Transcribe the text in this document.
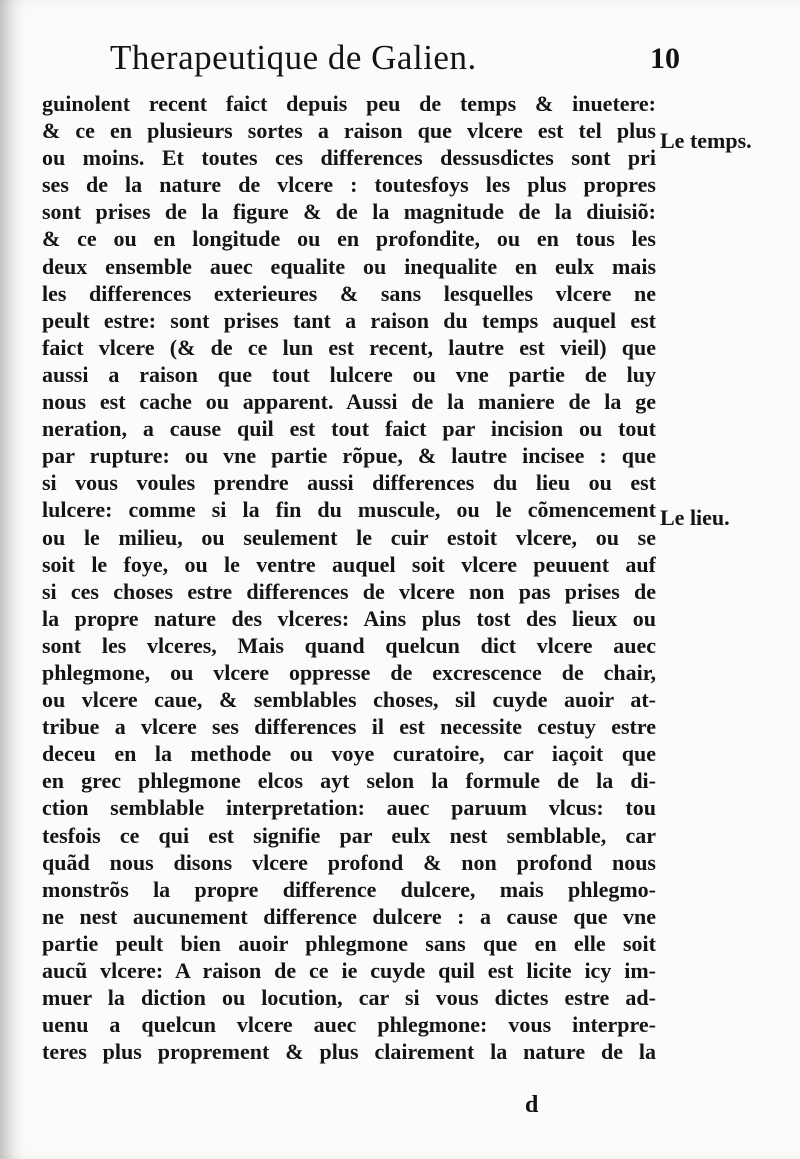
Therapeutique de Galien.	10
guinolent recent faict depuis peu de temps & inuetere:
& ce en plusieurs sortes a raison que vlcere est tel plus
ou moins. Et toutes ces differences dessusdictes sont pri
ses de la nature de vlcere : toutesfoys les plus propres
sont prises de la figure & de la magnitude de la diuisiõ:
& ce ou en longitude ou en profondite, ou en tous les
deux ensemble auec equalite ou inequalite en eulx mais
les differences exterieures & sans lesquelles vlcere ne
peult estre: sont prises tant a raison du temps auquel est
faict vlcere (& de ce lun est recent, lautre est vieil) que
aussi a raison que tout lulcere ou vne partie de luy
nous est cache ou apparent. Aussi de la maniere de la ge
neration, a cause quil est tout faict par incision ou tout
par rupture: ou vne partie rõpue, & lautre incisee : que
si vous voules prendre aussi differences du lieu ou est
lulcere: comme si la fin du muscule, ou le cõmencement
ou le milieu, ou seulement le cuir estoit vlcere, ou se
soit le foye, ou le ventre auquel soit vlcere peuuent auf
si ces choses estre differences de vlcere non pas prises de
la propre nature des vlceres: Ains plus tost des lieux ou
sont les vlceres, Mais quand quelcun dict vlcere auec
phlegmone, ou vlcere oppresse de excrescence de chair,
ou vlcere caue, & semblables choses, sil cuyde auoir at-
tribue a vlcere ses differences il est necessite cestuy estre
deceu en la methode ou voye curatoire, car iaçoit que
en grec phlegmone elcos ayt selon la formule de la di-
ction semblable interpretation: auec paruum vlcus: tou
tesfois ce qui est signifie par eulx nest semblable, car
quãd nous disons vlcere profond & non profond nous
monstrõs la propre difference dulcere, mais phlegmo-
ne nest aucunement difference dulcere : a cause que vne
partie peult bien auoir phlegmone sans que en elle soit
aucũ vlcere: A raison de ce ie cuyde quil est licite icy im-
muer la diction ou locution, car si vous dictes estre ad-
uenu a quelcun vlcere auec phlegmone: vous interpre-
teres plus proprement & plus clairement la nature de la
Le temps.
Le lieu.
d
